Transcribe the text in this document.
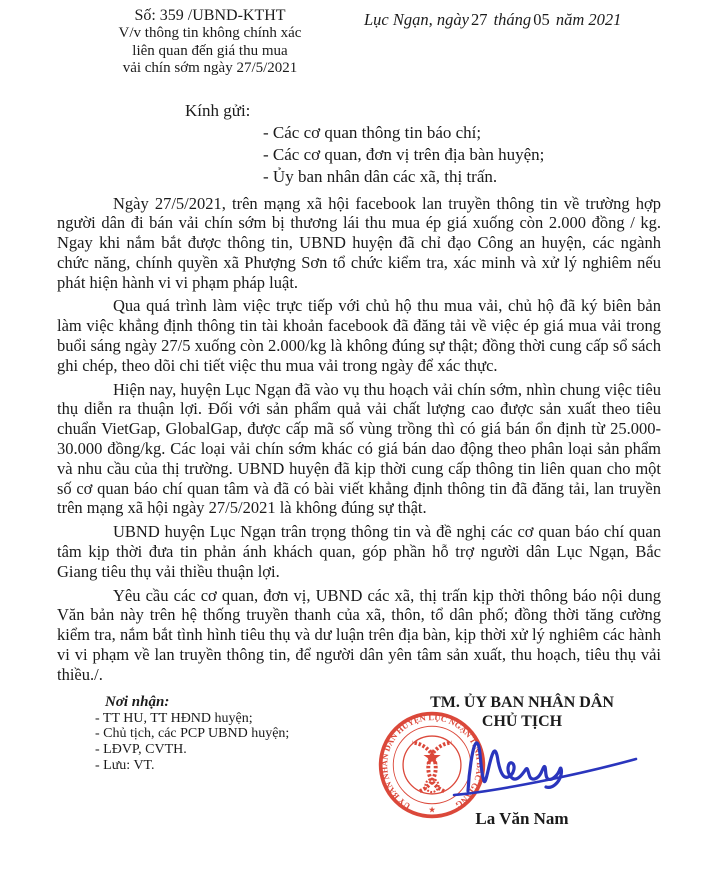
Số: 359 /UBND-KTHT
V/v thông tin không chính xác
liên quan đến giá thu mua
vải chín sớm ngày 27/5/2021
Lục Ngạn, ngày 27 tháng 05 năm 2021
Kính gửi:
- Các cơ quan thông tin báo chí;
- Các cơ quan, đơn vị trên địa bàn huyện;
- Ủy ban nhân dân các xã, thị trấn.

Ngày 27/5/2021, trên mạng xã hội facebook lan truyền thông tin về trường hợp người dân đi bán vải chín sớm bị thương lái thu mua ép giá xuống còn 2.000 đồng / kg. Ngay khi nắm bắt được thông tin, UBND huyện đã chỉ đạo Công an huyện, các ngành chức năng, chính quyền xã Phượng Sơn tổ chức kiểm tra, xác minh và xử lý nghiêm nếu phát hiện hành vi vi phạm pháp luật.

Qua quá trình làm việc trực tiếp với chủ hộ thu mua vải, chủ hộ đã ký biên bản làm việc khẳng định thông tin tài khoản facebook đã đăng tải về việc ép giá mua vải trong buổi sáng ngày 27/5 xuống còn 2.000/kg là không đúng sự thật; đồng thời cung cấp sổ sách ghi chép, theo dõi chi tiết việc thu mua vải trong ngày để xác thực.

Hiện nay, huyện Lục Ngạn đã vào vụ thu hoạch vải chín sớm, nhìn chung việc tiêu thụ diễn ra thuận lợi. Đối với sản phẩm quả vải chất lượng cao được sản xuất theo tiêu chuẩn VietGap, GlobalGap, được cấp mã số vùng trồng thì có giá bán ổn định từ 25.000-30.000 đồng/kg. Các loại vải chín sớm khác có giá bán dao động theo phân loại sản phẩm và nhu cầu của thị trường. UBND huyện đã kịp thời cung cấp thông tin liên quan cho một số cơ quan báo chí quan tâm và đã có bài viết khẳng định thông tin đã đăng tải, lan truyền trên mạng xã hội ngày 27/5/2021 là không đúng sự thật.

UBND huyện Lục Ngạn trân trọng thông tin và đề nghị các cơ quan báo chí quan tâm kịp thời đưa tin phản ánh khách quan, góp phần hỗ trợ người dân Lục Ngạn, Bắc Giang tiêu thụ vải thiều thuận lợi.

Yêu cầu các cơ quan, đơn vị, UBND các xã, thị trấn kịp thời thông báo nội dung Văn bản này trên hệ thống truyền thanh của xã, thôn, tổ dân phố; đồng thời tăng cường kiểm tra, nắm bắt tình hình tiêu thụ và dư luận trên địa bàn, kịp thời xử lý nghiêm các hành vi vi phạm về lan truyền thông tin, để người dân yên tâm sản xuất, thu hoạch, tiêu thụ vải thiều./.

Nơi nhận:
- TT HU, TT HĐND huyện;
- Chủ tịch, các PCP UBND huyện;
- LĐVP, CVTH.
- Lưu: VT.
TM. ỦY BAN NHÂN DÂN
CHỦ TỊCH
ỦY BAN NHÂN DÂN HUYỆN LỤC NGẠN TỈNH BẮC GIANG
★
★
La Văn Nam
